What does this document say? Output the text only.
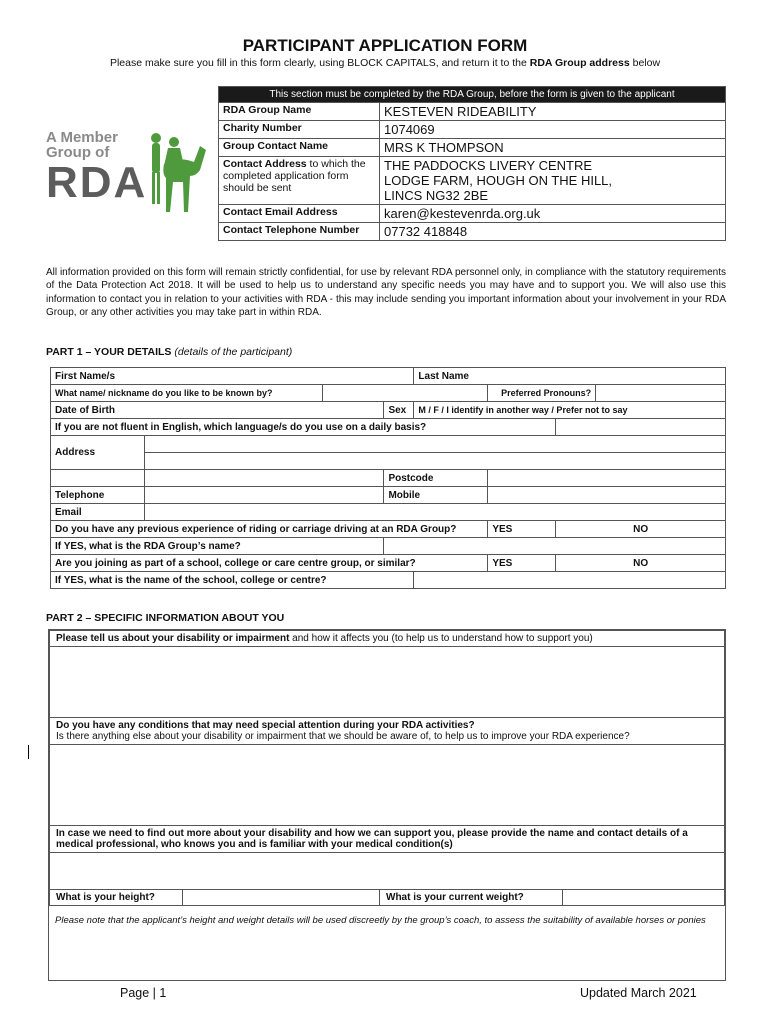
PARTICIPANT APPLICATION FORM
Please make sure you fill in this form clearly, using BLOCK CAPITALS, and return it to the RDA Group address below
A Member
Group of
RDA
This section must be completed by the RDA Group, before the form is given to the applicant	
RDA Group Name	KESTEVEN RIDEABILITY
Charity Number	1074069
Group Contact Name	MRS K THOMPSON
Contact Address to which the completed application form should be sent	THE PADDOCKS LIVERY CENTRE
LODGE FARM, HOUGH ON THE HILL,
LINCS NG32 2BE

Contact Email Address	karen@kestevenrda.org.uk
Contact Telephone Number	07732 418848
All information provided on this form will remain strictly confidential, for use by relevant RDA personnel only, in compliance with the statutory requirements of the Data Protection Act 2018. It will be used to help us to understand any specific needs you may have and to support you. We will also use this information to contact you in relation to your activities with RDA - this may include sending you important information about your involvement in your RDA Group, or any other activities you may take part in within RDA.
PART 1 – YOUR DETAILS (details of the participant)
First Name/s				Last Name			
What name/ nickname do you like to be known by?					Preferred Pronouns?		
Date of Birth			Sex	M / F / I identify in another way / Prefer not to say			
If you are not fluent in English, which language/s do you use on a daily basis?							
Address							

			Postcode				
Telephone			Mobile				
Email							
Do you have any previous experience of riding or carriage driving at an RDA Group?					YES	NO	
If YES, what is the RDA Group’s name?							
Are you joining as part of a school, college or care centre group, or similar?					YES	NO	
If YES, what is the name of the school, college or centre?							
PART 2 – SPECIFIC INFORMATION ABOUT YOU
Please tell us about your disability or impairment and how it affects you (to help us to understand how to support you)

Do you have any conditions that may need special attention during your RDA activities?
Is there anything else about your disability or impairment that we should be aware of, to help us to improve your RDA experience?

In case we need to find out more about your disability and how we can support you, please provide the name and contact details of a medical professional, who knows you and is familiar with your medical condition(s)

What is your height?		What is your current weight?	
Please note that the applicant’s height and weight details will be used discreetly by the group’s coach, to assess the suitability of available horses or ponies
Page | 1	Updated March 2021
